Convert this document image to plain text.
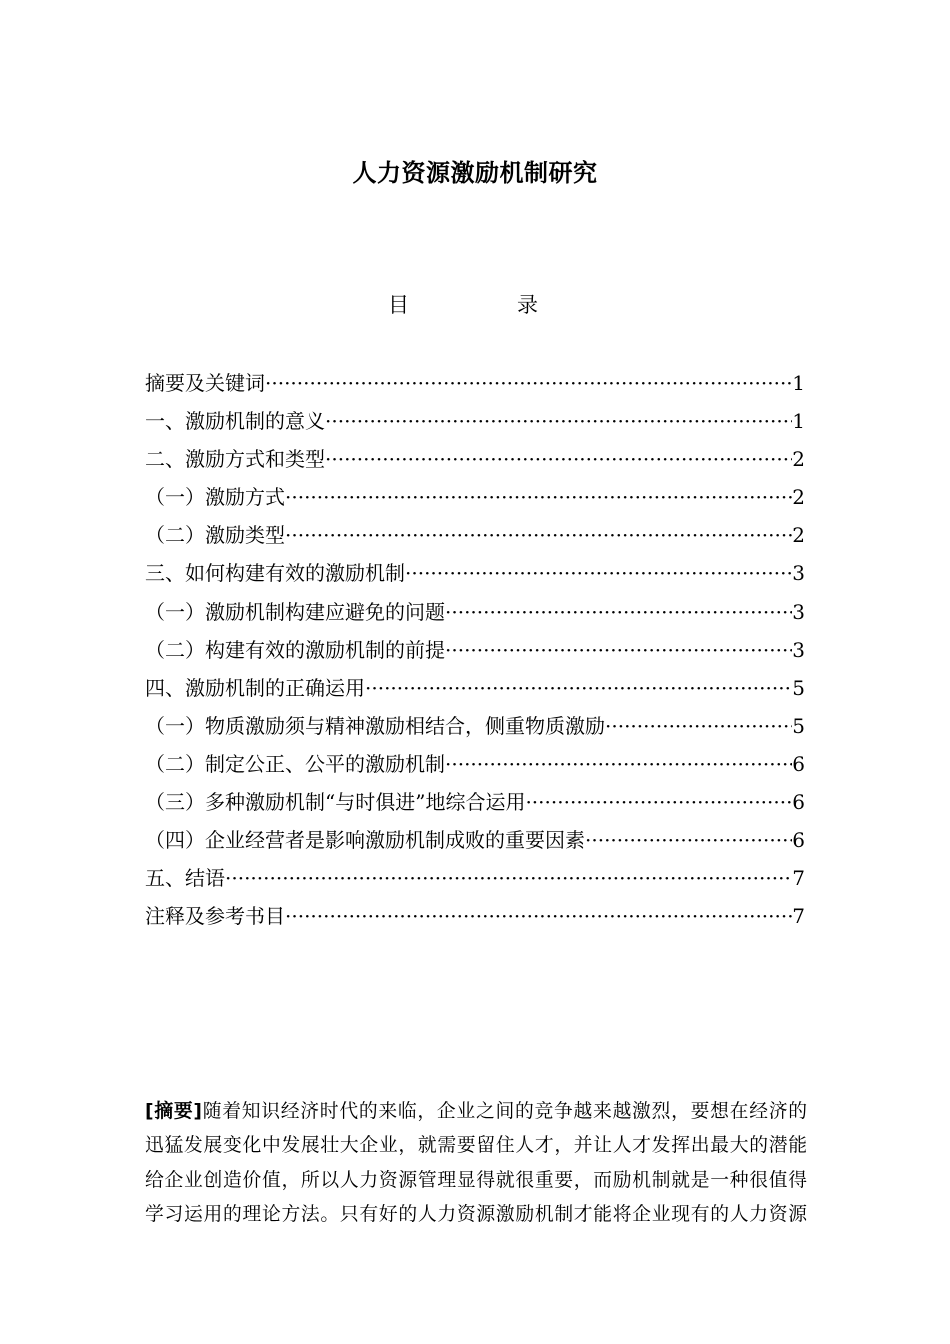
人力资源激励机制研究
目	录
摘要及关键词 ·····	1
一、激励机制的意义 ·····	1
二、激励方式和类型 ·····	2
（一）激励方式 ·····	2
（二）激励类型 ·····	2
三、如何构建有效的激励机制 ·····	3
（一）激励机制构建应避免的问题 ·····	3
（二）构建有效的激励机制的前提 ·····	3
四、激励机制的正确运用 ·····	5
（一）物质激励须与精神激励相结合，侧重物质激励 ·····	5
（二）制定公正、公平的激励机制 ·····	6
（三）多种激励机制“与时俱进”地综合运用 ·····	6
（四）企业经营者是影响激励机制成败的重要因素 ·····	6
五、结语 ·····	7
注释及参考书目 ·····	7
[摘要]随着知识经济时代的来临，企业之间的竞争越来越激烈，要想在经济的
迅猛发展变化中发展壮大企业，就需要留住人才，并让人才发挥出最大的潜能
给企业创造价值，所以人力资源管理显得就很重要，而励机制就是一种很值得
学习运用的理论方法。只有好的人力资源激励机制才能将企业现有的人力资源
